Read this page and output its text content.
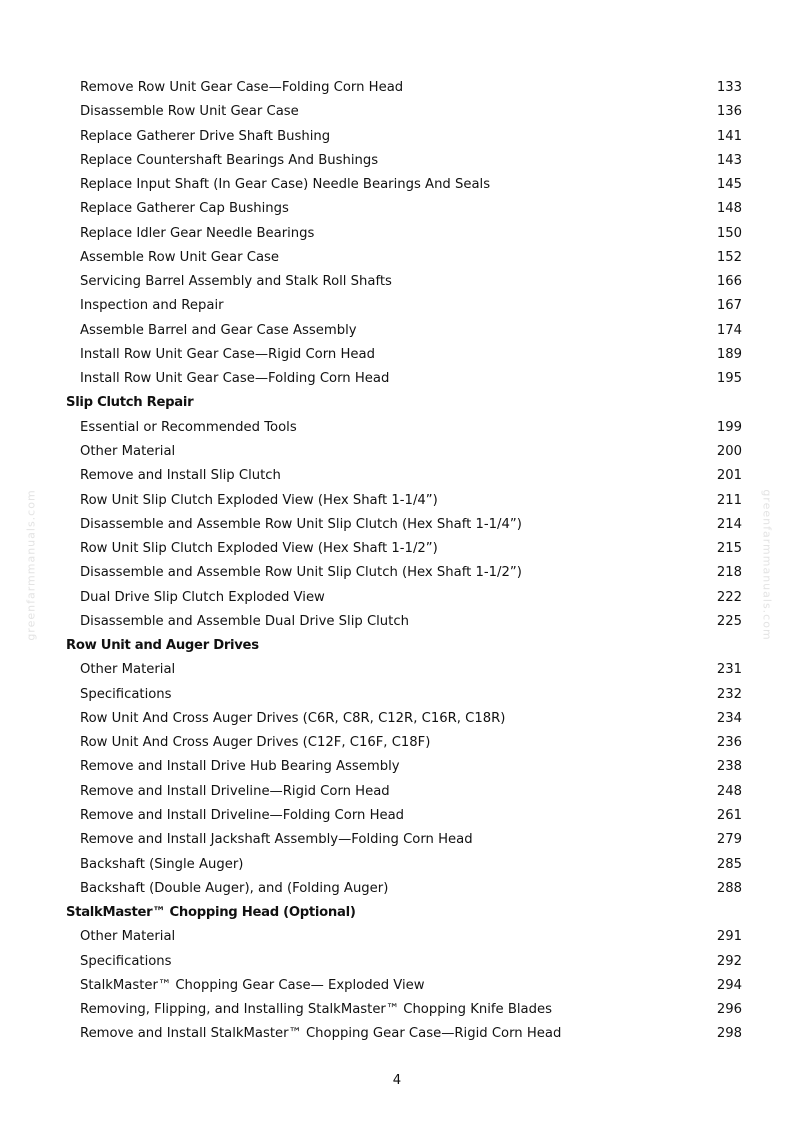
Remove Row Unit Gear Case—Folding Corn Head	133
Disassemble Row Unit Gear Case	136
Replace Gatherer Drive Shaft Bushing	141
Replace Countershaft Bearings And Bushings	143
Replace Input Shaft (In Gear Case) Needle Bearings And Seals	145
Replace Gatherer Cap Bushings	148
Replace Idler Gear Needle Bearings	150
Assemble Row Unit Gear Case	152
Servicing Barrel Assembly and Stalk Roll Shafts	166
Inspection and Repair	167
Assemble Barrel and Gear Case Assembly	174
Install Row Unit Gear Case—Rigid Corn Head	189
Install Row Unit Gear Case—Folding Corn Head	195
Slip Clutch Repair
Essential or Recommended Tools	199
Other Material	200
Remove and Install Slip Clutch	201
Row Unit Slip Clutch Exploded View (Hex Shaft 1-1/4”)	211
Disassemble and Assemble Row Unit Slip Clutch (Hex Shaft 1-1/4”)	214
Row Unit Slip Clutch Exploded View (Hex Shaft 1-1/2”)	215
Disassemble and Assemble Row Unit Slip Clutch (Hex Shaft 1-1/2”)	218
Dual Drive Slip Clutch Exploded View	222
Disassemble and Assemble Dual Drive Slip Clutch	225
Row Unit and Auger Drives
Other Material	231
Specifications	232
Row Unit And Cross Auger Drives (C6R, C8R, C12R, C16R, C18R)	234
Row Unit And Cross Auger Drives (C12F, C16F, C18F)	236
Remove and Install Drive Hub Bearing Assembly	238
Remove and Install Driveline—Rigid Corn Head	248
Remove and Install Driveline—Folding Corn Head	261
Remove and Install Jackshaft Assembly—Folding Corn Head	279
Backshaft (Single Auger)	285
Backshaft (Double Auger), and (Folding Auger)	288
StalkMaster™ Chopping Head (Optional)
Other Material	291
Specifications	292
StalkMaster™ Chopping Gear Case— Exploded View	294
Removing, Flipping, and Installing StalkMaster™ Chopping Knife Blades	296
Remove and Install StalkMaster™ Chopping Gear Case—Rigid Corn Head	298
greenfarmmanuals.com	greenfarmmanuals.com
4
